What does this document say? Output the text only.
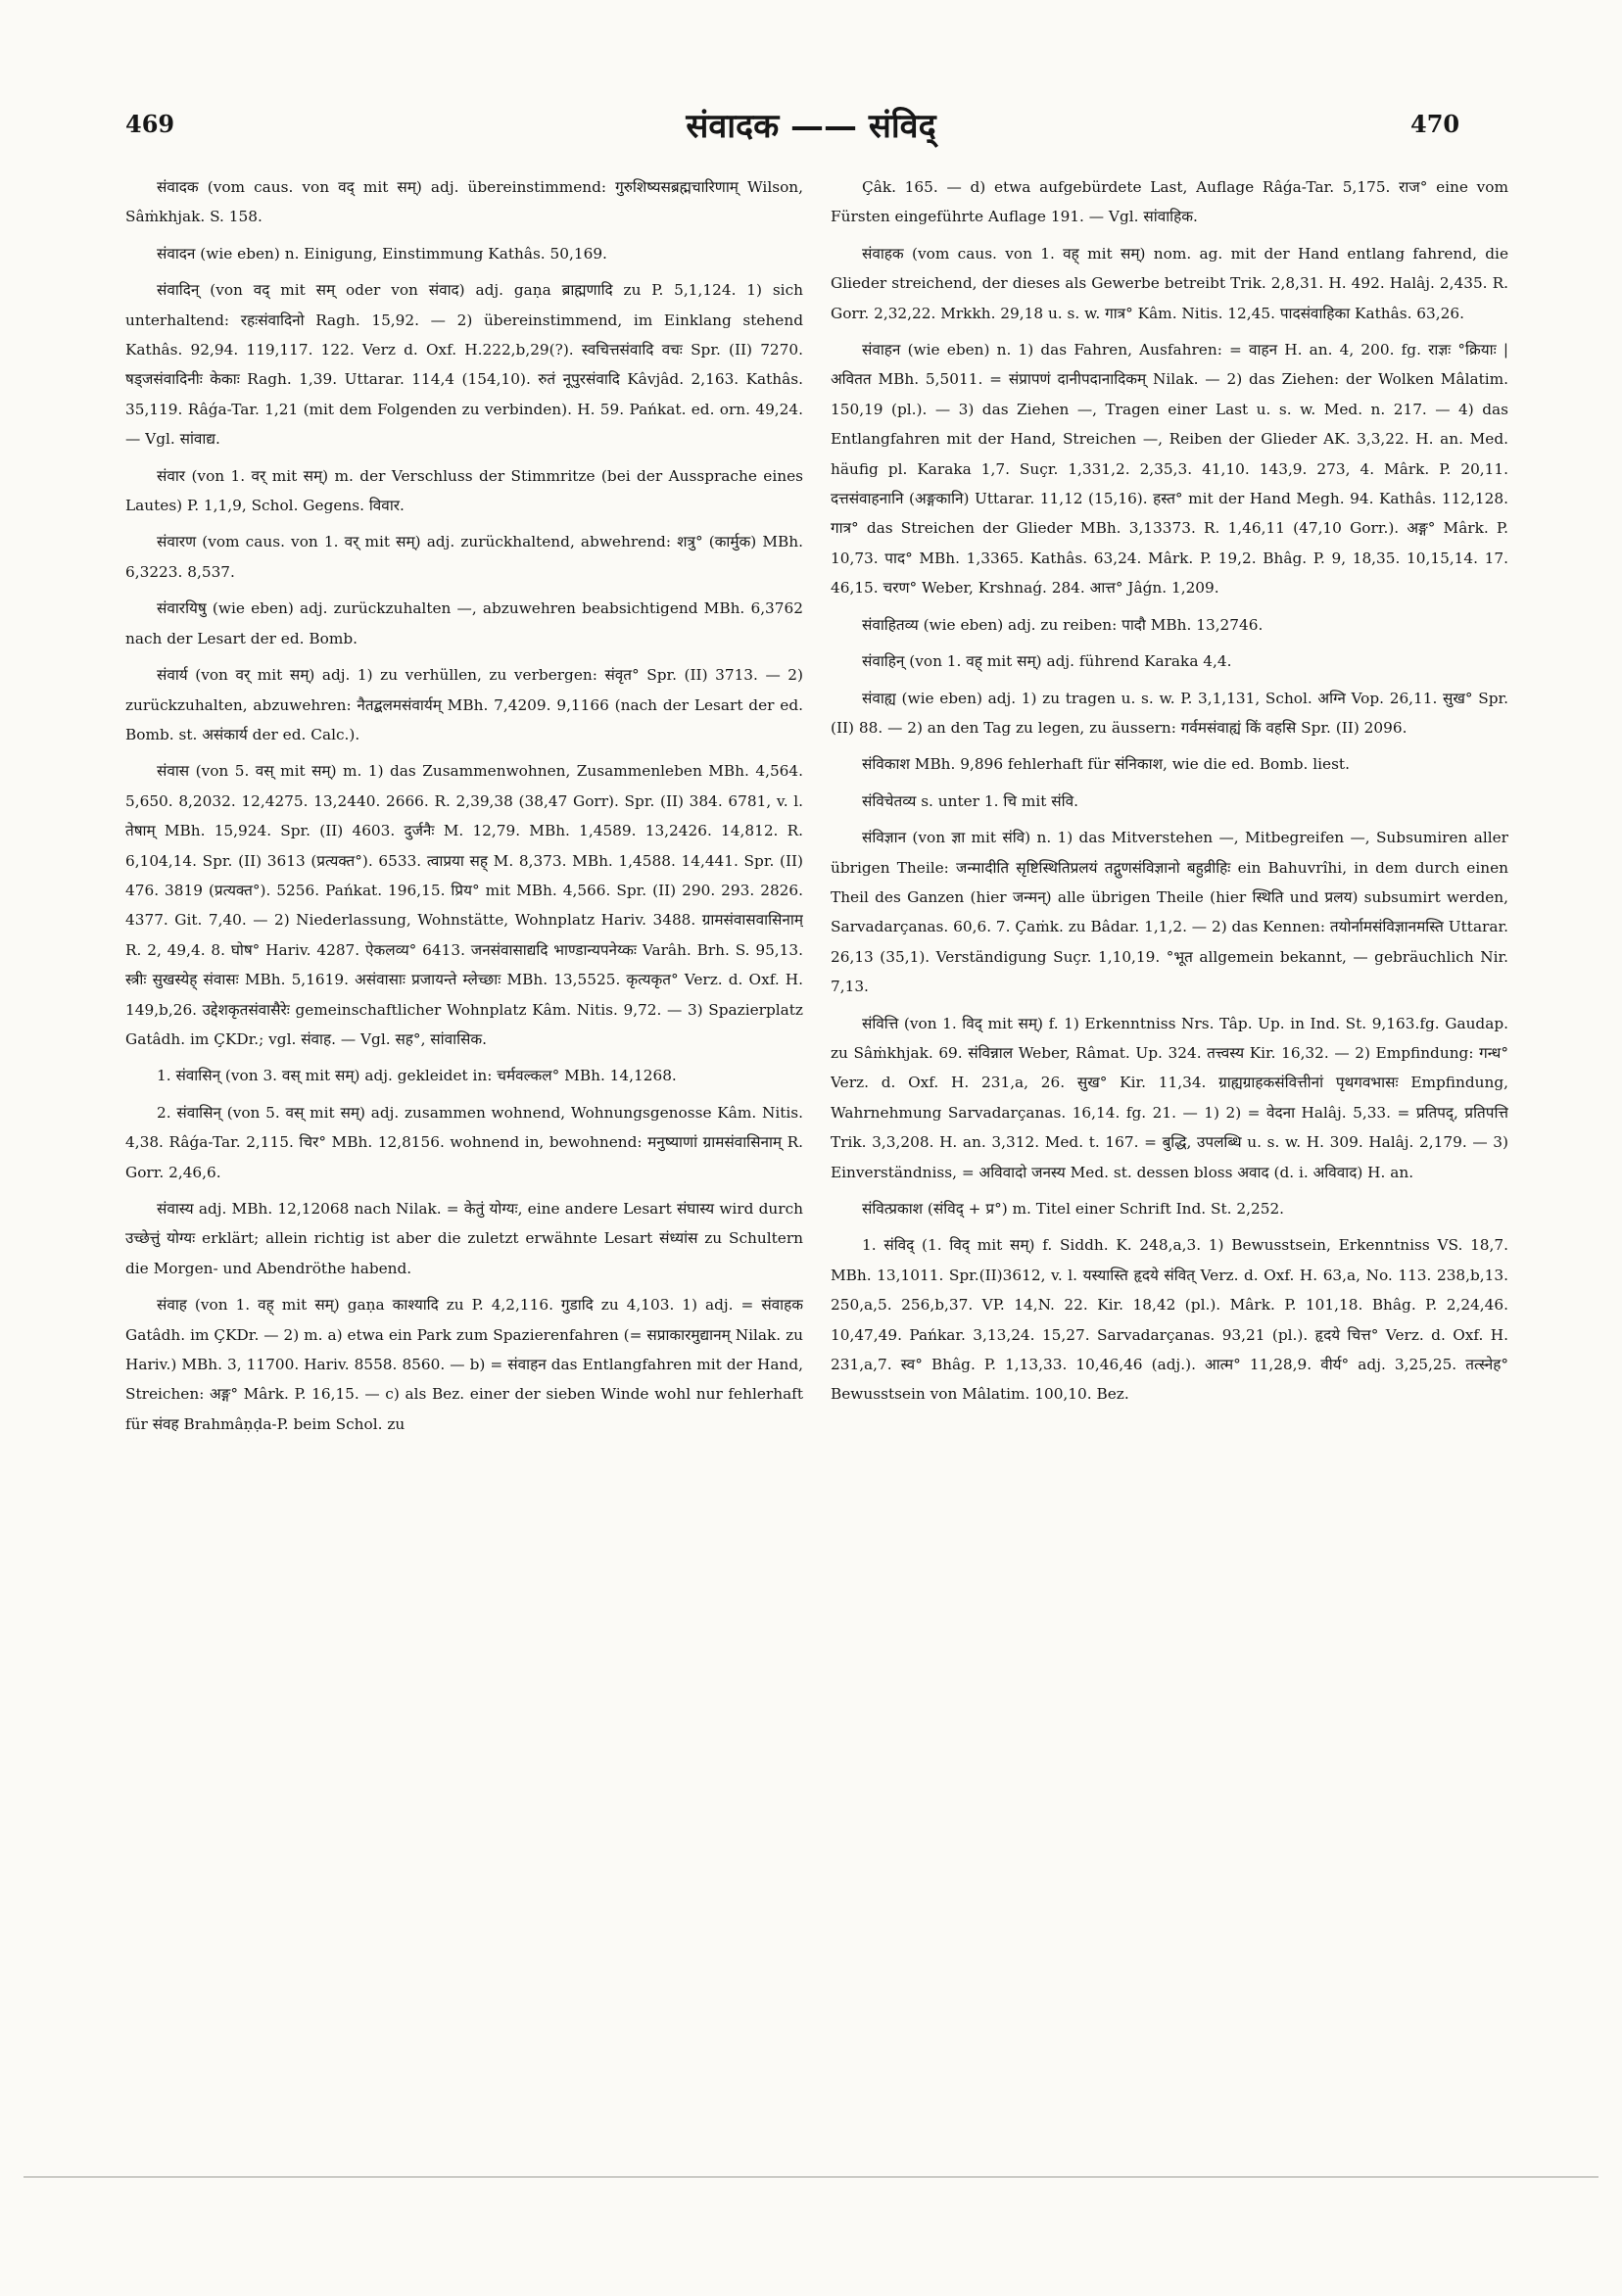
469	संवादक —— संविद्	470

संवादक (vom caus. von वद् mit सम्) adj. übereinstimmend: गुरुशिष्यसब्रह्मचारिणाम् Wilson, Sâṁkhjak. S. 158.

संवादन (wie eben) n. Einigung, Einstimmung Kathâs. 50,169.

संवादिन् (von वद् mit सम् oder von संवाद) adj. gaṇa ब्राह्मणादि zu P. 5,1,124. 1) sich unterhaltend: रहःसंवादिनो Ragh. 15,92. — 2) übereinstimmend, im Einklang stehend Kathâs. 92,94. 119,117. 122. Verz d. Oxf. H.222,b,29(?). स्वचित्तसंवादि वचः Spr. (II) 7270. षड्जसंवादिनीः केकाः Ragh. 1,39. Uttarar. 114,4 (154,10). रुतं नूपुरसंवादि Kâvjâd. 2,163. Kathâs. 35,119. Râǵa-Tar. 1,21 (mit dem Folgenden zu verbinden). H. 59. Pańkat. ed. orn. 49,24. — Vgl. सांवाद्य.

संवार (von 1. वर् mit सम्) m. der Verschluss der Stimmritze (bei der Aussprache eines Lautes) P. 1,1,9, Schol. Gegens. विवार.

संवारण (vom caus. von 1. वर् mit सम्) adj. zurückhaltend, abwehrend: शत्रु° (कार्मुक) MBh. 6,3223. 8,537.

संवारयिषु (wie eben) adj. zurückzuhalten —, abzuwehren beabsichtigend MBh. 6,3762 nach der Lesart der ed. Bomb.

संवार्य (von वर् mit सम्) adj. 1) zu verhüllen, zu verbergen: संवृत° Spr. (II) 3713. — 2) zurückzuhalten, abzuwehren: नैतद्बलमसंवार्यम् MBh. 7,4209. 9,1166 (nach der Lesart der ed. Bomb. st. असंकार्य der ed. Calc.).

संवास (von 5. वस् mit सम्) m. 1) das Zusammenwohnen, Zusammenleben MBh. 4,564. 5,650. 8,2032. 12,4275. 13,2440. 2666. R. 2,39,38 (38,47 Gorr). Spr. (II) 384. 6781, v. l. तेषाम् MBh. 15,924. Spr. (II) 4603. दुर्जनैः M. 12,79. MBh. 1,4589. 13,2426. 14,812. R. 6,104,14. Spr. (II) 3613 (प्रत्यक्त°). 6533. त्वाप्रया सह् M. 8,373. MBh. 1,4588. 14,441. Spr. (II) 476. 3819 (प्रत्यक्त°). 5256. Pańkat. 196,15. प्रिय° mit MBh. 4,566. Spr. (II) 290. 293. 2826. 4377. Git. 7,40. — 2) Niederlassung, Wohnstätte, Wohnplatz Hariv. 3488. ग्रामसंवासवासिनाम् R. 2, 49,4. 8. घोष° Hariv. 4287. ऐकलव्य° 6413. जनसंवासाद्यदि भाण्डान्यपनेय्कः Varâh. Brh. S. 95,13. स्त्रीः सुखस्येह् संवासः MBh. 5,1619. असंवासाः प्रजायन्ते म्लेच्छाः MBh. 13,5525. कृत्यकृत° Verz. d. Oxf. H. 149,b,26. उद्देशकृतसंवासैरेः gemeinschaftlicher Wohnplatz Kâm. Nitis. 9,72. — 3) Spazierplatz Gatâdh. im ÇKDr.; vgl. संवाह. — Vgl. सह°, सांवासिक.

1. संवासिन् (von 3. वस् mit सम्) adj. gekleidet in: चर्मवल्कल° MBh. 14,1268.

2. संवासिन् (von 5. वस् mit सम्) adj. zusammen wohnend, Wohnungsgenosse Kâm. Nitis. 4,38. Râǵa-Tar. 2,115. चिर° MBh. 12,8156. wohnend in, bewohnend: मनुष्याणां ग्रामसंवासिनाम् R. Gorr. 2,46,6.

संवास्य adj. MBh. 12,12068 nach Nilak. = केतुं योग्यः, eine andere Lesart संघास्य wird durch उच्छेत्तुं योग्यः erklärt; allein richtig ist aber die zuletzt erwähnte Lesart संध्यांस zu Schultern die Morgen- und Abendröthe habend.

संवाह (von 1. वह् mit सम्) gaṇa काश्यादि zu P. 4,2,116. गुडादि zu 4,103. 1) adj. = संवाहक Gatâdh. im ÇKDr. — 2) m. a) etwa ein Park zum Spazierenfahren (= सप्राकारमुद्यानम् Nilak. zu Hariv.) MBh. 3, 11700. Hariv. 8558. 8560. — b) = संवाहन das Entlangfahren mit der Hand, Streichen: अङ्ग° Mârk. P. 16,15. — c) als Bez. einer der sieben Winde wohl nur fehlerhaft für संवह Brahmâṇḍa-P. beim Schol. zu

Çâk. 165. — d) etwa aufgebürdete Last, Auflage Râǵa-Tar. 5,175. राज° eine vom Fürsten eingeführte Auflage 191. — Vgl. सांवाहिक.

संवाहक (vom caus. von 1. वह् mit सम्) nom. ag. mit der Hand entlang fahrend, die Glieder streichend, der dieses als Gewerbe betreibt Trik. 2,8,31. H. 492. Halâj. 2,435. R. Gorr. 2,32,22. Mrkkh. 29,18 u. s. w. गात्र° Kâm. Nitis. 12,45. पादसंवाहिका Kathâs. 63,26.

संवाहन (wie eben) n. 1) das Fahren, Ausfahren: = वाहन H. an. 4, 200. fg. राज्ञः °क्रियाः | अवितत MBh. 5,5011. = संप्रापणं दानीपदानादिकम् Nilak. — 2) das Ziehen: der Wolken Mâlatim. 150,19 (pl.). — 3) das Ziehen —, Tragen einer Last u. s. w. Med. n. 217. — 4) das Entlangfahren mit der Hand, Streichen —, Reiben der Glieder AK. 3,3,22. H. an. Med. häufig pl. Karaka 1,7. Suçr. 1,331,2. 2,35,3. 41,10. 143,9. 273, 4. Mârk. P. 20,11. दत्तसंवाहनानि (अङ्गकानि) Uttarar. 11,12 (15,16). हस्त° mit der Hand Megh. 94. Kathâs. 112,128. गात्र° das Streichen der Glieder MBh. 3,13373. R. 1,46,11 (47,10 Gorr.). अङ्ग° Mârk. P. 10,73. पाद° MBh. 1,3365. Kathâs. 63,24. Mârk. P. 19,2. Bhâg. P. 9, 18,35. 10,15,14. 17. 46,15. चरण° Weber, Krshnaǵ. 284. आत्त° Jâǵn. 1,209.

संवाहितव्य (wie eben) adj. zu reiben: पादौ MBh. 13,2746.

संवाहिन् (von 1. वह् mit सम्) adj. führend Karaka 4,4.

संवाह्य (wie eben) adj. 1) zu tragen u. s. w. P. 3,1,131, Schol. अग्नि Vop. 26,11. सुख° Spr. (II) 88. — 2) an den Tag zu legen, zu äussern: गर्वमसंवाह्यं किं वहसि Spr. (II) 2096.

संविकाश MBh. 9,896 fehlerhaft für संनिकाश, wie die ed. Bomb. liest.

संविचेतव्य s. unter 1. चि mit संवि.

संविज्ञान (von ज्ञा mit संवि) n. 1) das Mitverstehen —, Mitbegreifen —, Subsumiren aller übrigen Theile: जन्मादीति सृष्टिस्थितिप्रलयं तद्गुणसंविज्ञानो बहुव्रीहिः ein Bahuvrîhi, in dem durch einen Theil des Ganzen (hier जन्मन्) alle übrigen Theile (hier स्थिति und प्रलय) subsumirt werden, Sarvadarçanas. 60,6. 7. Çaṁk. zu Bâdar. 1,1,2. — 2) das Kennen: तयोर्नामसंविज्ञानमस्ति Uttarar. 26,13 (35,1). Verständigung Suçr. 1,10,19. °भूत allgemein bekannt, — gebräuchlich Nir. 7,13.

संवित्ति (von 1. विद् mit सम्) f. 1) Erkenntniss Nrs. Tâp. Up. in Ind. St. 9,163.fg. Gaudap. zu Sâṁkhjak. 69. संविन्नाल Weber, Râmat. Up. 324. तत्त्वस्य Kir. 16,32. — 2) Empfindung: गन्ध° Verz. d. Oxf. H. 231,a, 26. सुख° Kir. 11,34. ग्राह्यग्राहकसंवित्तीनां पृथगवभासः Empfindung, Wahrnehmung Sarvadarçanas. 16,14. fg. 21. — 1) 2) = वेदना Halâj. 5,33. = प्रतिपद्, प्रतिपत्ति Trik. 3,3,208. H. an. 3,312. Med. t. 167. = बुद्धि, उपलब्धि u. s. w. H. 309. Halâj. 2,179. — 3) Einverständniss, = अविवादो जनस्य Med. st. dessen bloss अवाद (d. i. अविवाद) H. an.

संवित्प्रकाश (संविद् + प्र°) m. Titel einer Schrift Ind. St. 2,252.

1. संविद् (1. विद् mit सम्) f. Siddh. K. 248,a,3. 1) Bewusstsein, Erkenntniss VS. 18,7. MBh. 13,1011. Spr.(II)3612, v. l. यस्यास्ति हृदये संवित् Verz. d. Oxf. H. 63,a, No. 113. 238,b,13. 250,a,5. 256,b,37. VP. 14,N. 22. Kir. 18,42 (pl.). Mârk. P. 101,18. Bhâg. P. 2,24,46. 10,47,49. Pańkar. 3,13,24. 15,27. Sarvadarçanas. 93,21 (pl.). हृदये चित्त° Verz. d. Oxf. H. 231,a,7. स्व° Bhâg. P. 1,13,33. 10,46,46 (adj.). आत्म° 11,28,9. वीर्य° adj. 3,25,25. तत्स्नेह° Bewusstsein von Mâlatim. 100,10. Bez.
